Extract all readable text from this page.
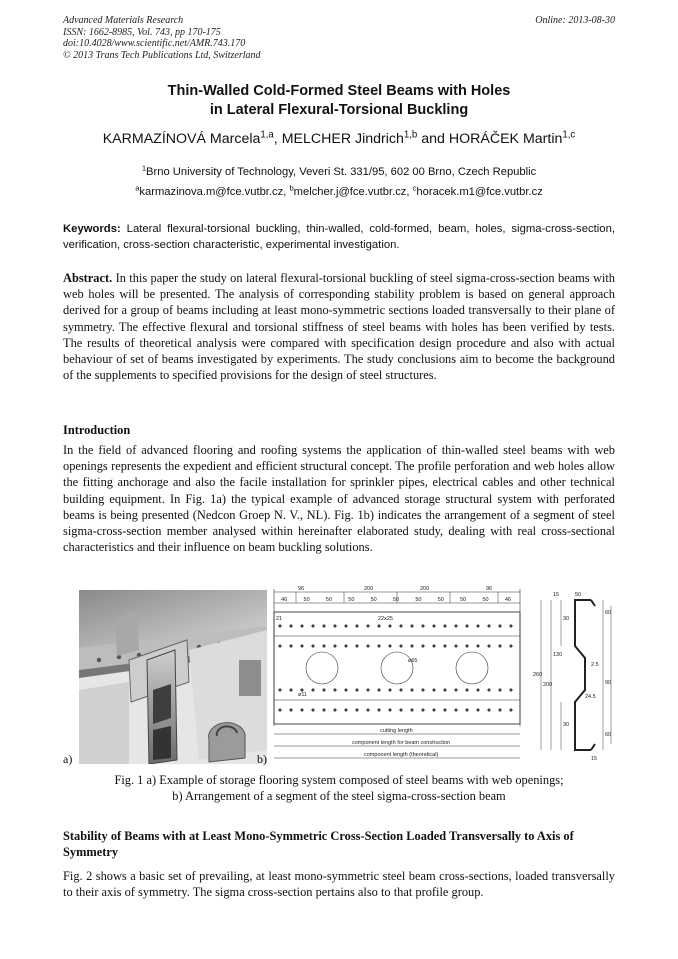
Advanced Materials Research
ISSN: 1662-8985, Vol. 743, pp 170-175
doi:10.4028/www.scientific.net/AMR.743.170
© 2013 Trans Tech Publications Ltd, Switzerland
Online: 2013-08-30
Thin-Walled Cold-Formed Steel Beams with Holes
in Lateral Flexural-Torsional Buckling
KARMAZÍNOVÁ Marcela$^{1,a}$, MELCHER Jindrich$^{1,b}$ and HORÁČEK Martin$^{1,c}$
$^1$Brno University of Technology, Veveri St. 331/95, 602 00 Brno, Czech Republic
$^a$karmazinova.m@fce.vutbr.cz, $^b$melcher.j@fce.vutbr.cz, $^c$horacek.m1@fce.vutbr.cz
Keywords: Lateral flexural-torsional buckling, thin-walled, cold-formed, beam, holes, sigma-cross-section, verification, cross-section characteristic, experimental investigation.
Abstract. In this paper the study on lateral flexural-torsional buckling of steel sigma-cross-section beams with web holes will be presented. The analysis of corresponding stability problem is based on general approach derived for a group of beams including at least mono-symmetric sections loaded transversally to their plane of symmetry. The effective flexural and torsional stiffness of steel beams with holes has been verified by tests. The results of theoretical analysis were compared with specification design procedure and also with actual behaviour of set of beams investigated by experiments. The study conclusions aim to become the background of the supplements to specified provisions for the design of steel structures.
Introduction
In the field of advanced flooring and roofing systems the application of thin-walled steel beams with web openings represents the expedient and efficient structural concept. The profile perforation and web holes allow the fitting anchorage and also the facile installation for sprinkler pipes, electrical cables and other technical building equipment. In Fig. 1a) the typical example of advanced storage structural system with perforated beams is being presented (Nedcon Groep N. V., NL). Fig. 1b) indicates the arrangement of a segment of steel sigma-cross-section member analysed within hereinafter elaborated study, dealing with real cross-sectional characteristics and their influence on beam buckling solutions.
a)	b)
96	200	200	96
46	50	50	50	50	50	50	50	50	50	46
22x25
21
ø65
ø11
cutting length
component length for beam construction
component length (theoretical)
15	50
30
60
130
200
260
30
2.5
90
24.5
60
15
Fig. 1 a) Example of storage flooring system composed of steel beams with web openings;
b) Arrangement of a segment of the steel sigma-cross-section beam
Stability of Beams with at Least Mono-Symmetric Cross-Section Loaded Transversally to Axis of Symmetry
Fig. 2 shows a basic set of prevailing, at least mono-symmetric steel beam cross-sections, loaded transversally to their axis of symmetry. The sigma cross-section pertains also to that profile group.
